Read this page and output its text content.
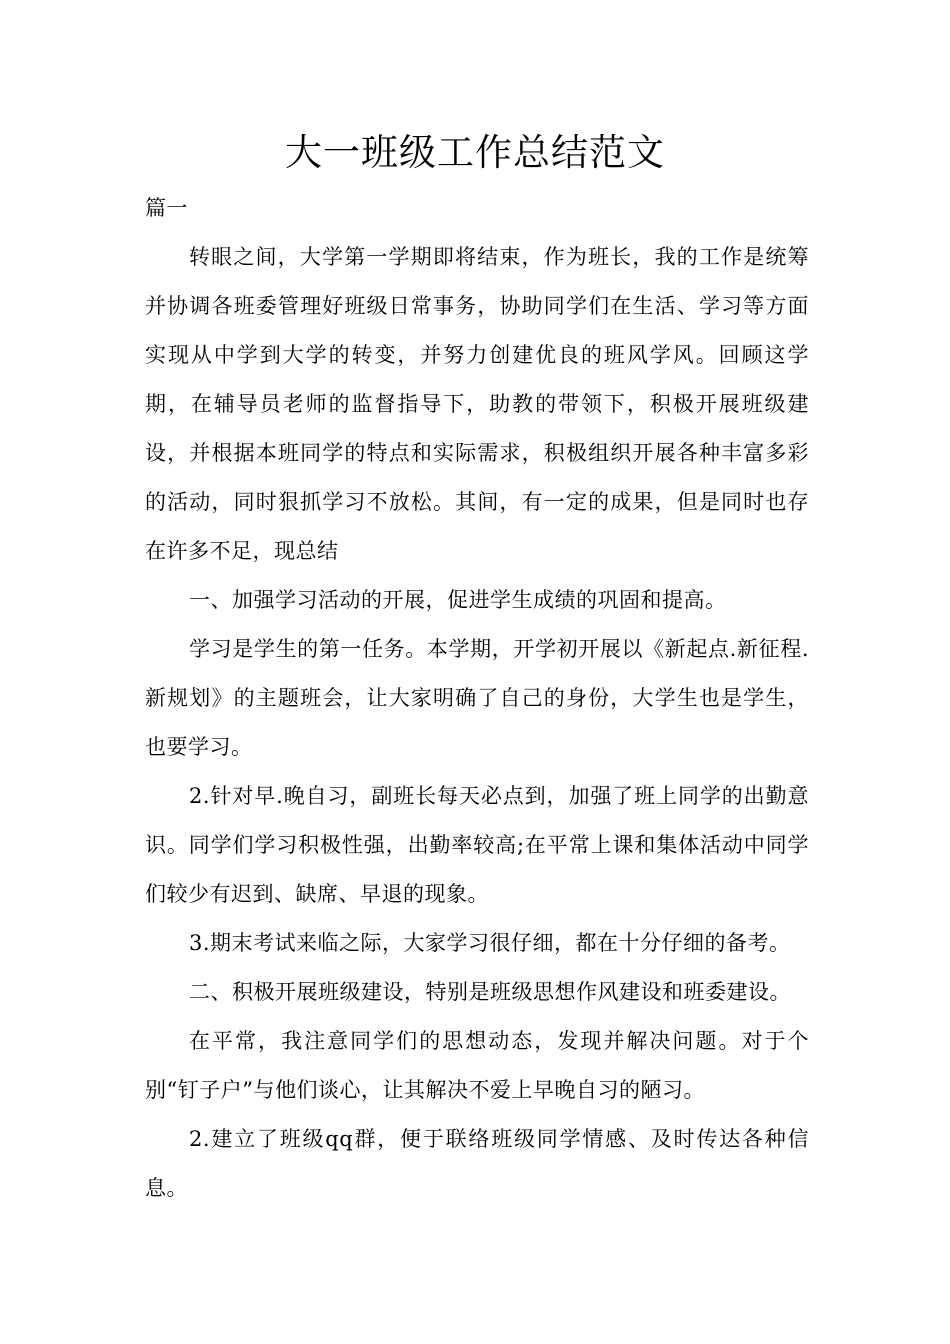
大一班级工作总结范文

篇一

转眼之间，大学第一学期即将结束，作为班长，我的工作是统筹并协调各班委管理好班级日常事务，协助同学们在生活、学习等方面实现从中学到大学的转变，并努力创建优良的班风学风。回顾这学期，在辅导员老师的监督指导下，助教的带领下，积极开展班级建设，并根据本班同学的特点和实际需求，积极组织开展各种丰富多彩的活动，同时狠抓学习不放松。其间，有一定的成果，但是同时也存在许多不足，现总结

一、加强学习活动的开展，促进学生成绩的巩固和提高。

学习是学生的第一任务。本学期，开学初开展以《新起点.新征程.新规划》的主题班会，让大家明确了自己的身份，大学生也是学生，也要学习。

2.针对早.晚自习，副班长每天必点到，加强了班上同学的出勤意识。同学们学习积极性强，出勤率较高;在平常上课和集体活动中同学们较少有迟到、缺席、早退的现象。

3.期末考试来临之际，大家学习很仔细，都在十分仔细的备考。

二、积极开展班级建设，特别是班级思想作风建设和班委建设。

在平常，我注意同学们的思想动态，发现并解决问题。对于个别“钉子户”与他们谈心，让其解决不爱上早晚自习的陋习。

2.建立了班级qq群，便于联络班级同学情感、及时传达各种信息。
